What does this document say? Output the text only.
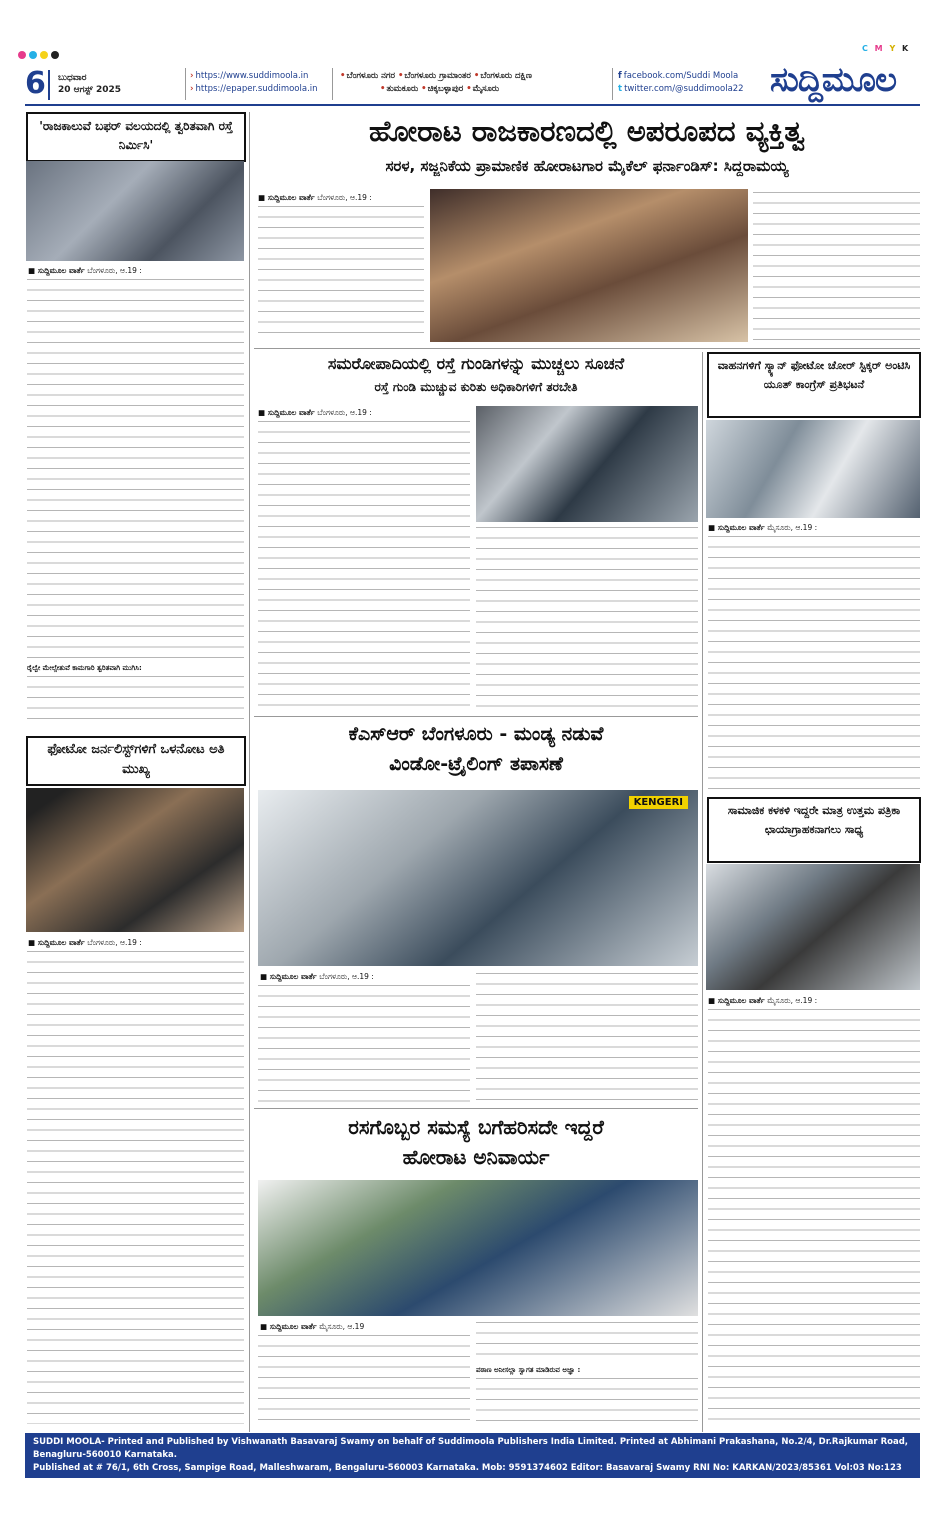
C M Y K
6 ಬುಧವಾರ
20 ಆಗಸ್ಟ್ 2025
› https://www.suddimoola.in
› https://epaper.suddimoola.in
•ಬೆಂಗಳೂರು ನಗರ •ಬೆಂಗಳೂರು ಗ್ರಾಮಾಂತರ •ಬೆಂಗಳೂರು ದಕ್ಷಿಣ
•ತುಮಕೂರು •ಚಿಕ್ಕಬಳ್ಳಾಪುರ •ಮೈಸೂರು
f facebook.com/Suddi Moola
t twitter.com/@suddimoola22 ಸುದ್ದಿಮೂಲ
'ರಾಜಕಾಲುವೆ ಬಫರ್ ವಲಯದಲ್ಲಿ ತ್ವರಿತವಾಗಿ ರಸ್ತೆ ನಿರ್ಮಿಸಿ'
■ ಸುದ್ದಿಮೂಲ ವಾರ್ತೆ ಬೆಂಗಳೂರು, ಆ.19 :
ರೈಲ್ವೇ ಮೇಲ್ಸೇತುವೆ ಕಾಮಗಾರಿ ತ್ವರಿತವಾಗಿ ಮುಗಿಸಿ:
ಫೋಟೋ ಜರ್ನಲಿಸ್ಟ್‌ಗಳಿಗೆ ಒಳನೋಟ ಅತಿ ಮುಖ್ಯ
■ ಸುದ್ದಿಮೂಲ ವಾರ್ತೆ ಬೆಂಗಳೂರು, ಆ.19 :
ಹೋರಾಟ ರಾಜಕಾರಣದಲ್ಲಿ ಅಪರೂಪದ ವ್ಯಕ್ತಿತ್ವ
ಸರಳ, ಸಜ್ಜನಿಕೆಯ ಪ್ರಾಮಾಣಿಕ ಹೋರಾಟಗಾರ ಮೈಕೆಲ್ ಫರ್ನಾಂಡಿಸ್: ಸಿದ್ದರಾಮಯ್ಯ
■ ಸುದ್ದಿಮೂಲ ವಾರ್ತೆ ಬೆಂಗಳೂರು, ಆ.19 :
ಸಮರೋಪಾದಿಯಲ್ಲಿ ರಸ್ತೆ ಗುಂಡಿಗಳನ್ನು ಮುಚ್ಚಲು ಸೂಚನೆ
ರಸ್ತೆ ಗುಂಡಿ ಮುಚ್ಚುವ ಕುರಿತು ಅಧಿಕಾರಿಗಳಿಗೆ ತರಬೇತಿ
■ ಸುದ್ದಿಮೂಲ ವಾರ್ತೆ ಬೆಂಗಳೂರು, ಆ.19 :
ವಾಹನಗಳಿಗೆ ಸ್ಕ್ಯಾನ್ ಫೋಟೋ ಚೋರ್ ಸ್ಟಿಕ್ಕರ್ ಅಂಟಿಸಿ ಯೂತ್ ಕಾಂಗ್ರೆಸ್ ಪ್ರತಿಭಟನೆ
■ ಸುದ್ದಿಮೂಲ ವಾರ್ತೆ ಮೈಸೂರು, ಆ.19 :
ಕೆಎಸ್‌ಆರ್ ಬೆಂಗಳೂರು - ಮಂಡ್ಯ ನಡುವೆ
ವಿಂಡೋ-ಟ್ರೈಲಿಂಗ್ ತಪಾಸಣೆ
KENGERI
■ ಸುದ್ದಿಮೂಲ ವಾರ್ತೆ ಬೆಂಗಳೂರು, ಆ.19 :
ಸಾಮಾಜಿಕ ಕಳಕಳಿ ಇದ್ದರೇ ಮಾತ್ರ ಉತ್ತಮ ಪತ್ರಿಕಾ ಛಾಯಾಗ್ರಾಹಕನಾಗಲು ಸಾಧ್ಯ
■ ಸುದ್ದಿಮೂಲ ವಾರ್ತೆ ಮೈಸೂರು, ಆ.19 :
ರಸಗೊಬ್ಬರ ಸಮಸ್ಯೆ ಬಗೆಹರಿಸದೇ ಇದ್ದರೆ
ಹೋರಾಟ ಅನಿವಾರ್ಯ
■ ಸುದ್ದಿಮೂಲ ವಾರ್ತೆ ಮೈಸೂರು, ಆ.19
ಪಠಾಣ ಅನೀಸಲ್ಲಾ ಸ್ವಾಗತ ಮಾಡಿರುವ ಅಜ್ಞಾ :
SUDDI MOOLA- Printed and Published by Vishwanath Basavaraj Swamy on behalf of Suddimoola Publishers India Limited. Printed at Abhimani Prakashana, No.2/4, Dr.Rajkumar Road, Benagluru-560010 Karnataka.
Published at # 76/1, 6th Cross, Sampige Road, Malleshwaram, Bengaluru-560003 Karnataka. Mob: 9591374602 Editor: Basavaraj Swamy RNI No: KARKAN/2023/85361 Vol:03 No:123
